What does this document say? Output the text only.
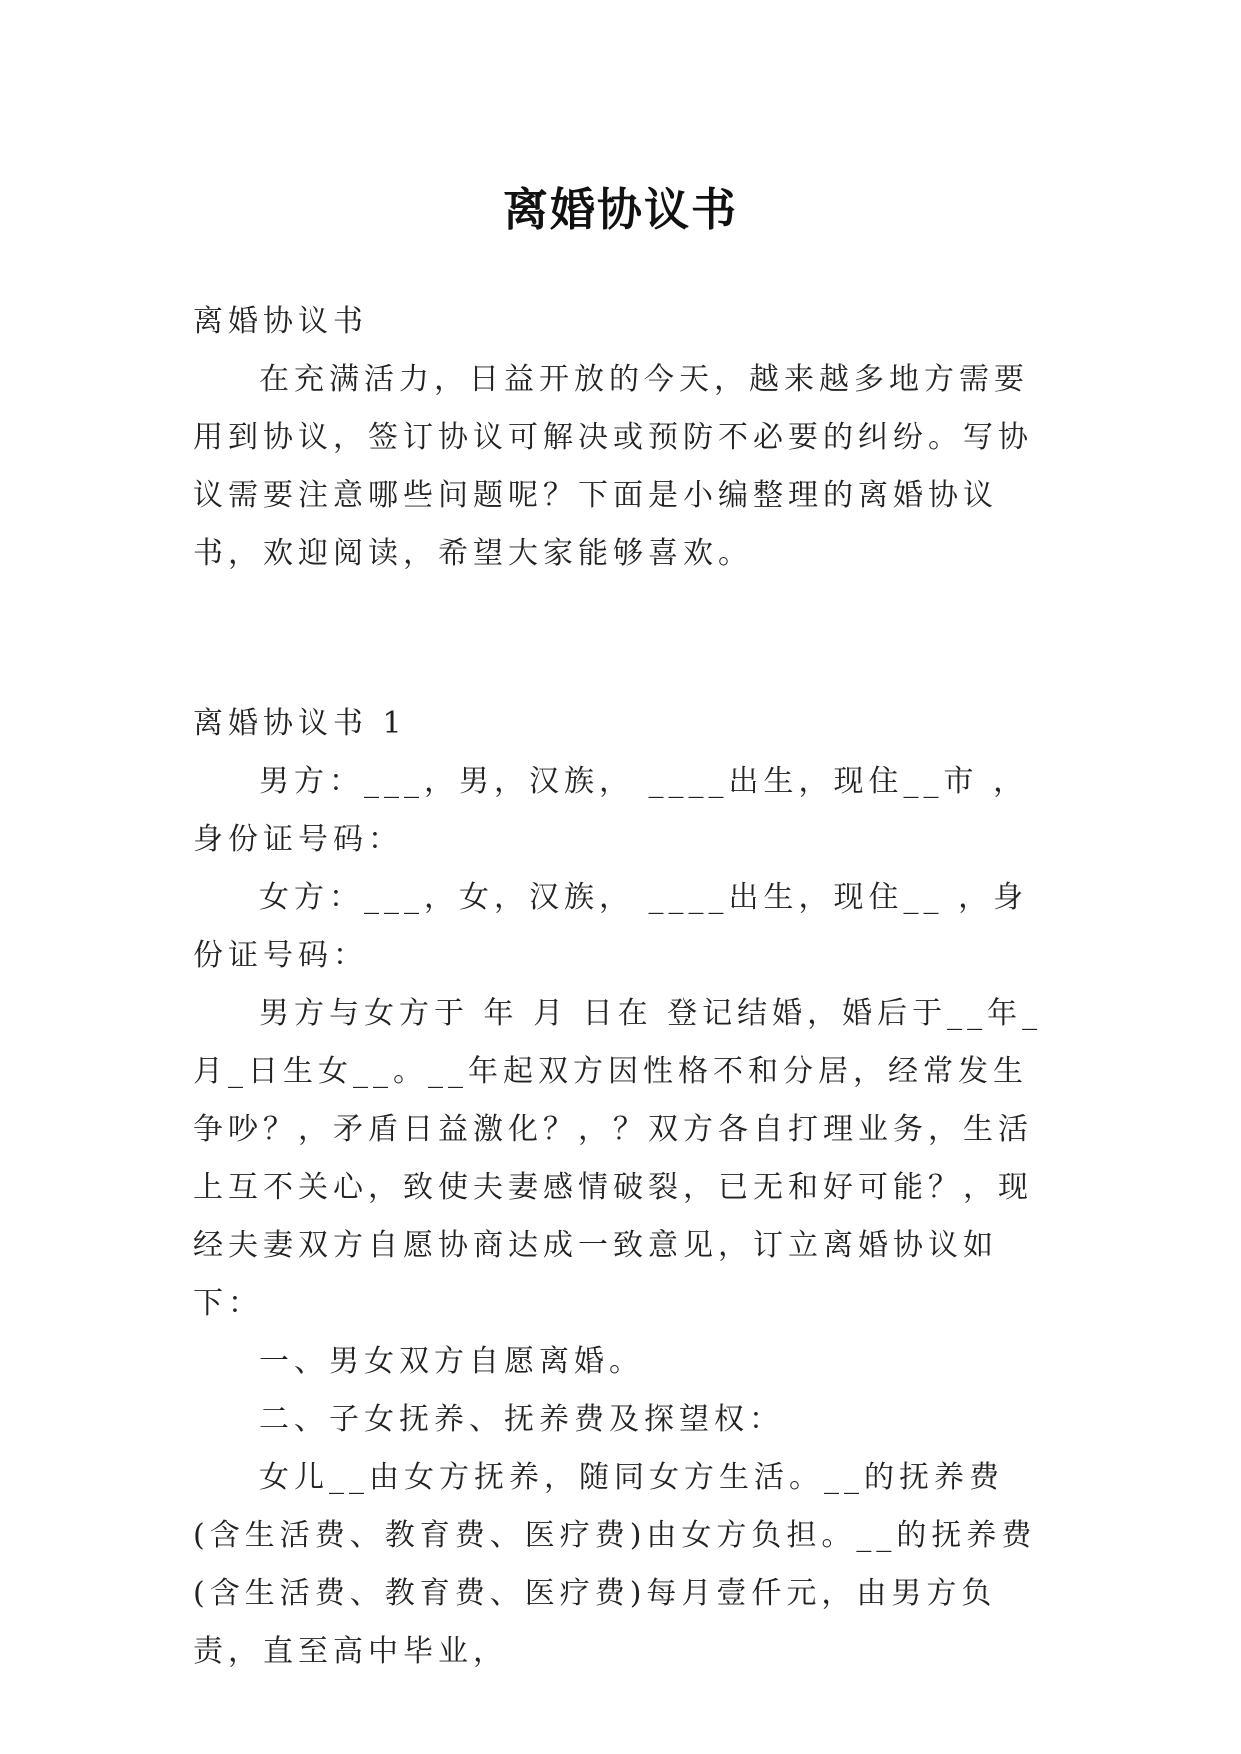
离婚协议书

离婚协议书

在充满活力，日益开放的今天，越来越多地方需要用到协议，签订协议可解决或预防不必要的纠纷。写协议需要注意哪些问题呢？下面是小编整理的离婚协议书，欢迎阅读，希望大家能够喜欢。

离婚协议书 1

男方：___，男，汉族， ____出生，现住__市 ，身份证号码：

女方：___，女，汉族， ____出生，现住__ ，身份证号码：

男方与女方于 年 月 日在 登记结婚，婚后于__年_月_日生女__。__年起双方因性格不和分居，经常发生争吵？，矛盾日益激化？，？双方各自打理业务，生活上互不关心，致使夫妻感情破裂，已无和好可能？，现经夫妻双方自愿协商达成一致意见，订立离婚协议如下：

一、男女双方自愿离婚。

二、子女抚养、抚养费及探望权：

女儿__由女方抚养，随同女方生活。__的抚养费(含生活费、教育费、医疗费)由女方负担。__的抚养费(含生活费、教育费、医疗费)每月壹仟元，由男方负责，直至高中毕业，
